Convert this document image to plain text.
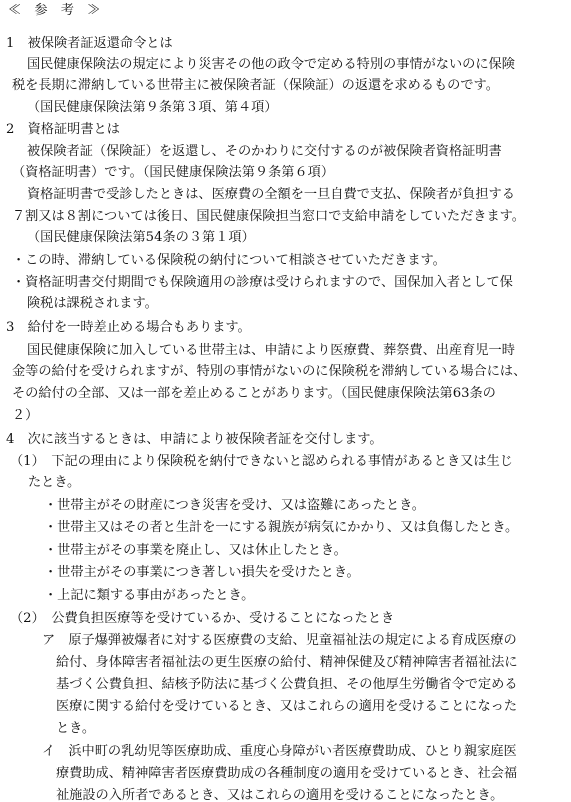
≪　参　考　≫
1　被保険者証返還命令とは
国民健康保険法の規定により災害その他の政令で定める特別の事情がないのに保険
税を長期に滞納している世帯主に被保険者証（保険証）の返還を求めるものです。
（国民健康保険法第９条第３項、第４項）
2　資格証明書とは
被保険者証（保険証）を返還し、そのかわりに交付するのが被保険者資格証明書
（資格証明書）です。（国民健康保険法第９条第６項）
資格証明書で受診したときは、医療費の全額を一旦自費で支払、保険者が負担する
７割又は８割については後日、国民健康保険担当窓口で支給申請をしていただきます。
（国民健康保険法第54条の３第１項）
・この時、滞納している保険税の納付について相談させていただきます。
・資格証明書交付期間でも保険適用の診療は受けられますので、国保加入者として保
険税は課税されます。
3　給付を一時差止める場合もあります。
国民健康保険に加入している世帯主は、申請により医療費、葬祭費、出産育児一時
金等の給付を受けられますが、特別の事情がないのに保険税を滞納している場合には、
その給付の全部、又は一部を差止めることがあります。（国民健康保険法第63条の
２）
4　次に該当するときは、申請により被保険者証を交付します。
（1）　下記の理由により保険税を納付できないと認められる事情があるとき又は生じ
たとき。
・世帯主がその財産につき災害を受け、又は盗難にあったとき。
・世帯主又はその者と生計を一にする親族が病気にかかり、又は負傷したとき。
・世帯主がその事業を廃止し、又は休止したとき。
・世帯主がその事業につき著しい損失を受けたとき。
・上記に類する事由があったとき。
（2）　公費負担医療等を受けているか、受けることになったとき
ア　原子爆弾被爆者に対する医療費の支給、児童福祉法の規定による育成医療の
給付、身体障害者福祉法の更生医療の給付、精神保健及び精神障害者福祉法に
基づく公費負担、結核予防法に基づく公費負担、その他厚生労働省令で定める
医療に関する給付を受けているとき、又はこれらの適用を受けることになった
とき。
イ　浜中町の乳幼児等医療助成、重度心身障がい者医療費助成、ひとり親家庭医
療費助成、精神障害者医療費助成の各種制度の適用を受けているとき、社会福
祉施設の入所者であるとき、又はこれらの適用を受けることになったとき。
